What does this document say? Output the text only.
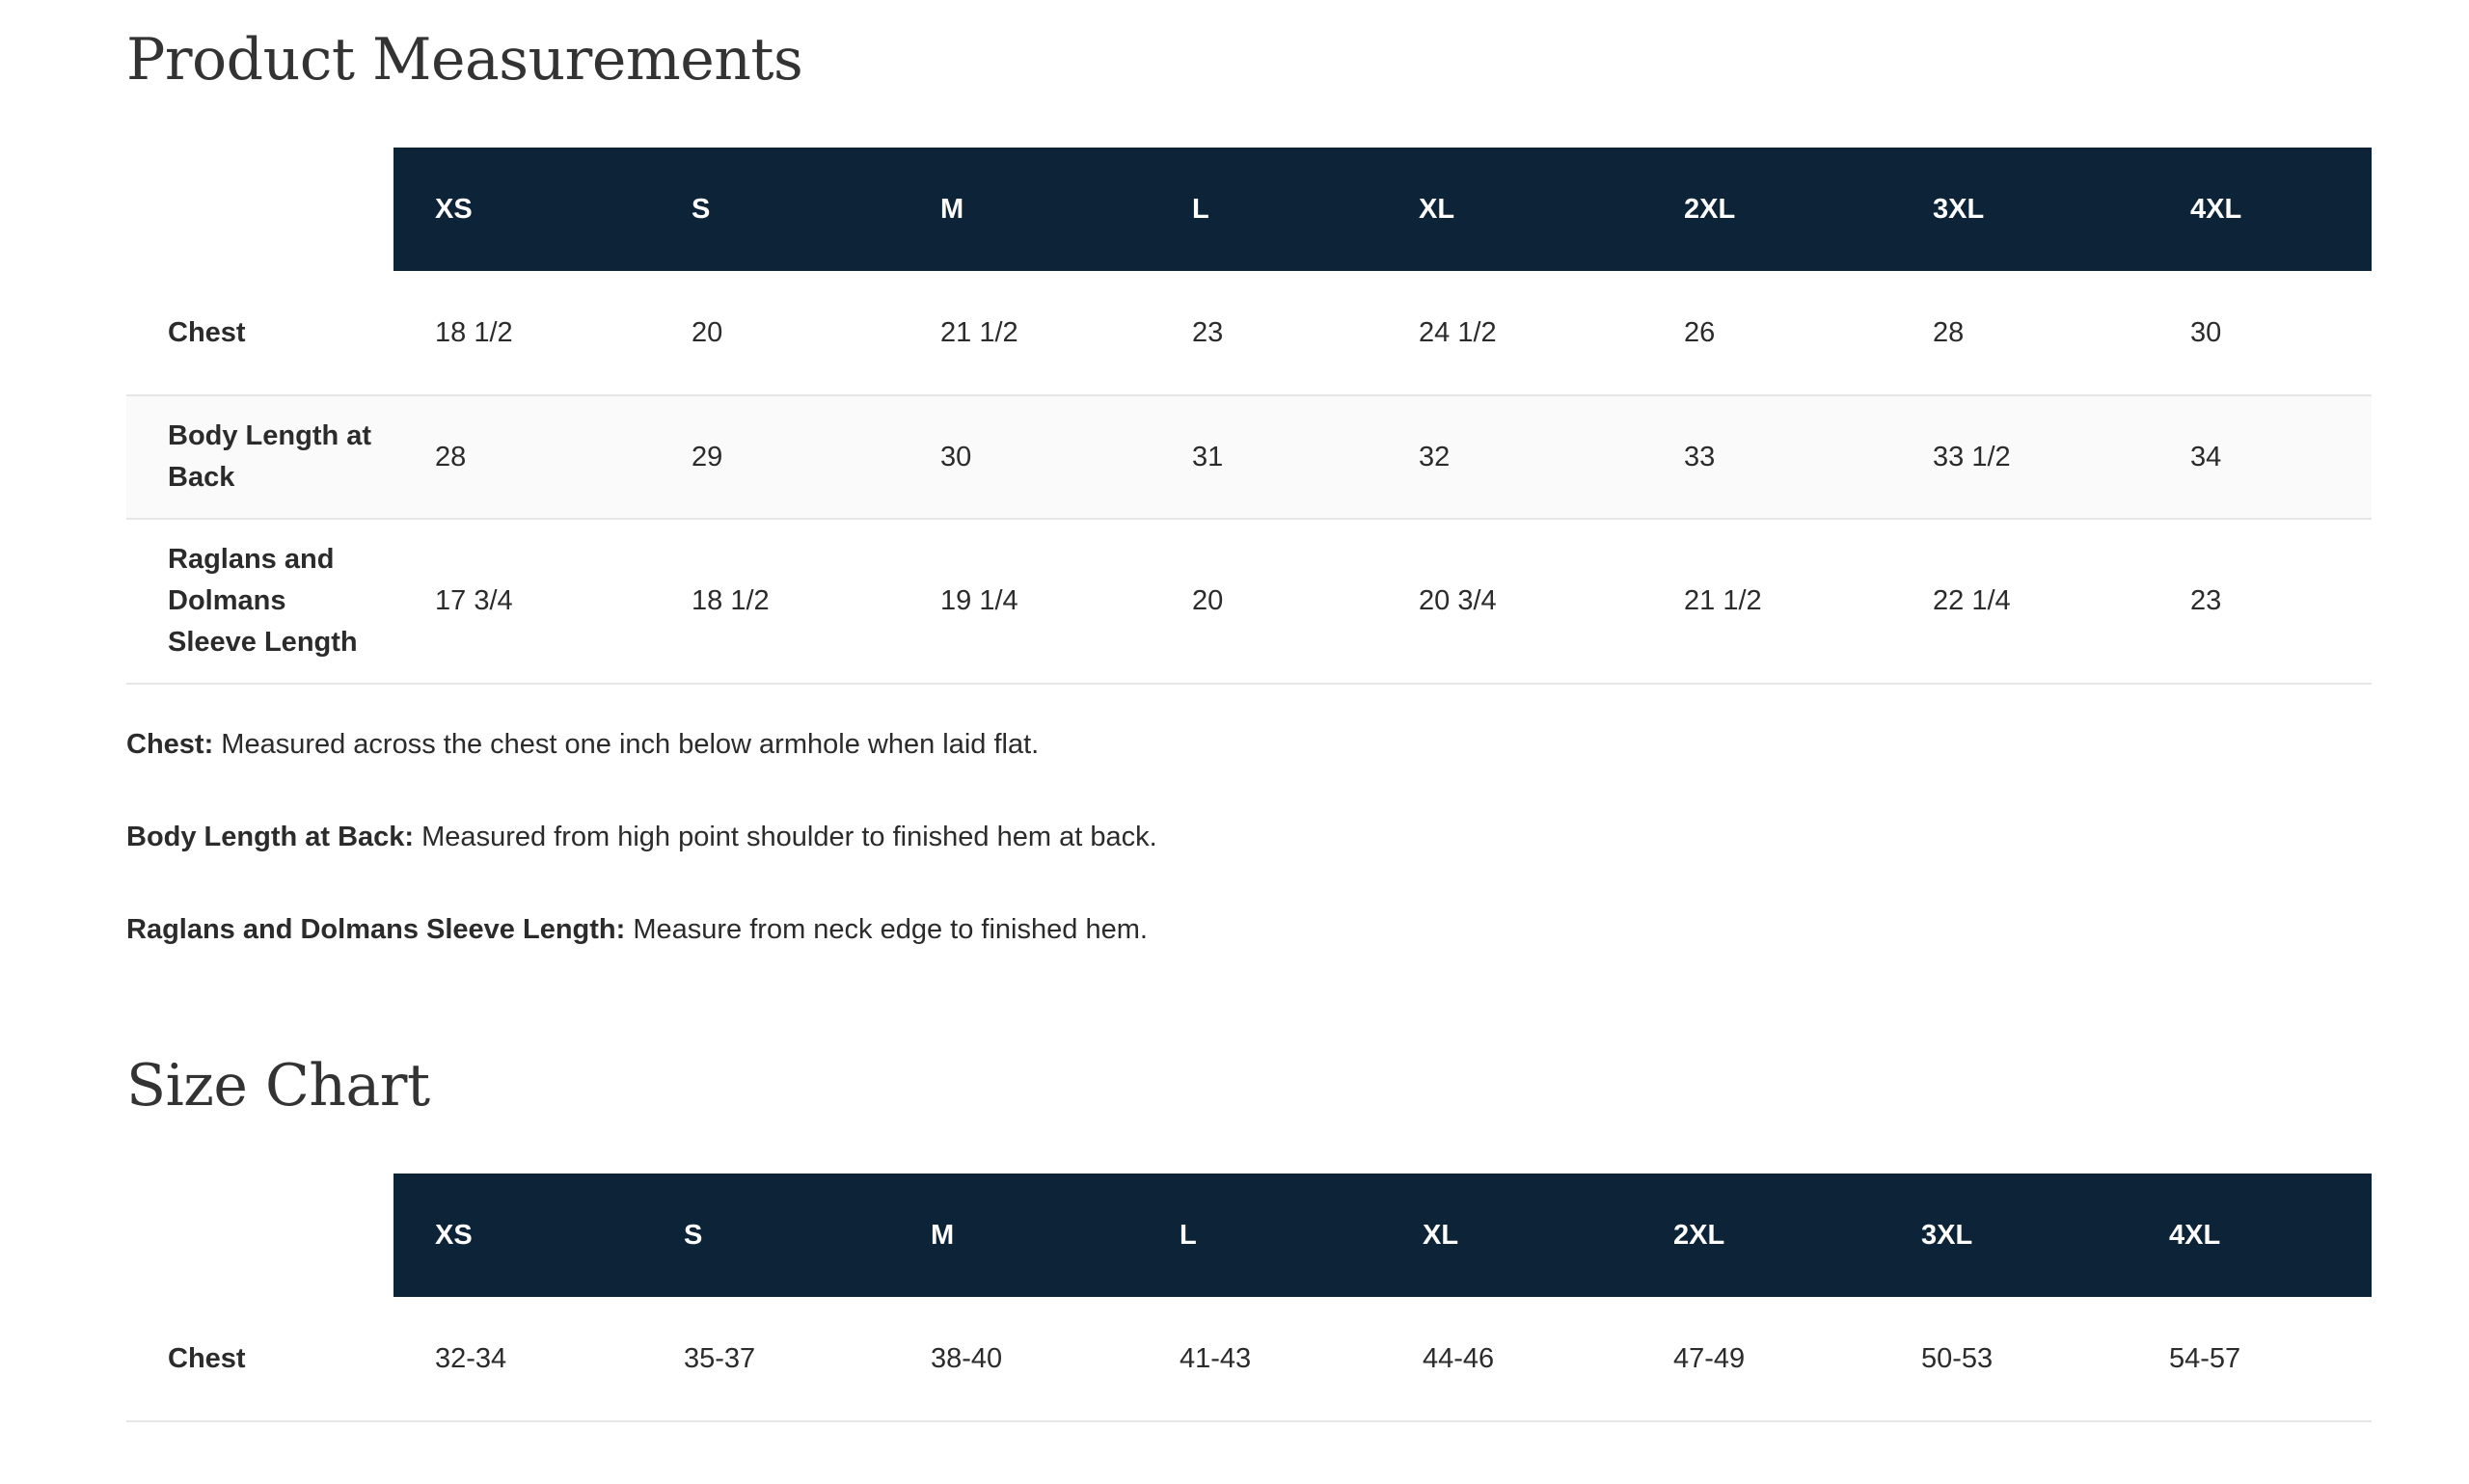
Product Measurements

	XS	S	M	L	XL	2XL	3XL	4XL

Chest	18 1/2	20	21 1/2	23	24 1/2	26	28	30

Body Length at Back	28	29	30	31	32	33	33 1/2	34

Raglans and Dolmans Sleeve Length	17 3/4	18 1/2	19 1/4	20	20 3/4	21 1/2	22 1/4	23
Chest: Measured across the chest one inch below armhole when laid flat.
Body Length at Back: Measured from high point shoulder to finished hem at back.
Raglans and Dolmans Sleeve Length: Measure from neck edge to finished hem.
Size Chart

	XS	S	M	L	XL	2XL	3XL	4XL

Chest	32-34	35-37	38-40	41-43	44-46	47-49	50-53	54-57
